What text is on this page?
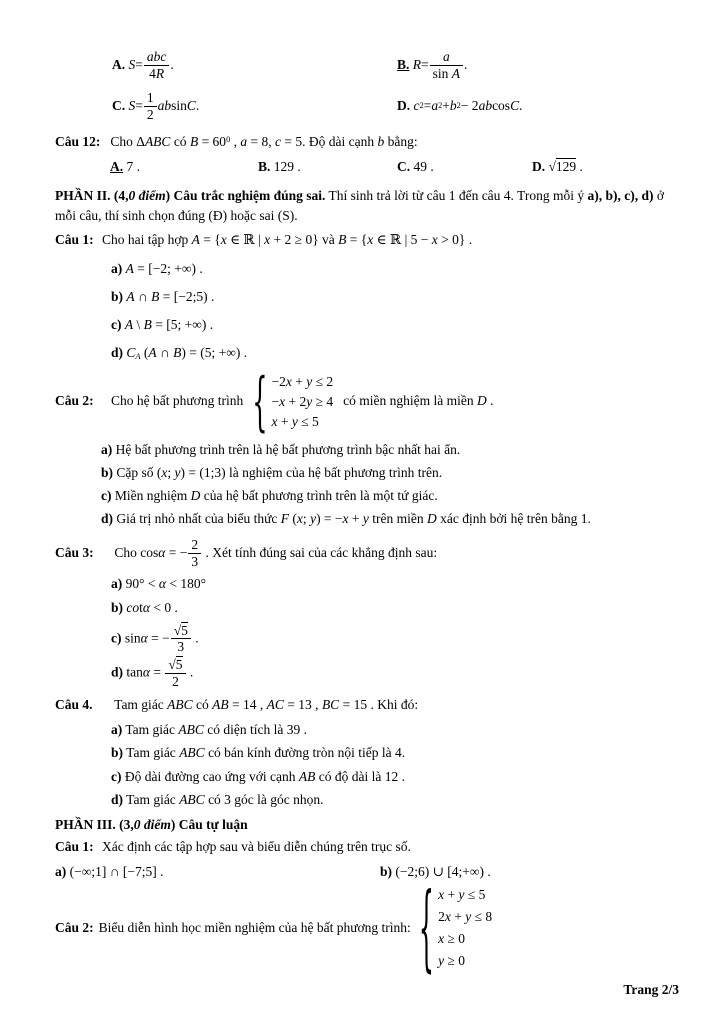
A.
S =
abc
4R
.	B.
R =
a
sin A
.
C.
S =
1
2
ab sin C .	D.
c 2 = a 2 + b 2 − 2 ab cos C .
Câu 12: Cho ΔABC có $B = 60^0$ , a = 8, c = 5. Độ dài cạnh b bằng:
A. 7 .	B. 129 .	C. 49 .	D. √129 .

PHẦN II. (4,0 điểm) Câu trắc nghiệm đúng sai. Thí sinh trả lời từ câu 1 đến câu 4. Trong mỗi ý a), b), c), d) ở mỗi câu, thí sinh chọn đúng (Đ) hoặc sai (S).

Câu 1: Cho hai tập hợp A = {x ∈ ℝ | x + 2 ≥ 0} và B = {x ∈ ℝ | 5 − x > 0} .
a) A = [−2; +∞) .
b) A ∩ B = [−2;5) .
c) A \ B = [5; +∞) .
d) $C_A$ (A ∩ B) = (5; +∞) .
Câu 2:	Cho hệ bất phương trình { −2x + y ≤ 2
−x + 2y ≥ 4
x + y ≤ 5
có miền nghiệm là miền D .
a) Hệ bất phương trình trên là hệ bất phương trình bậc nhất hai ẩn.
b) Cặp số (x; y) = (1;3) là nghiệm của hệ bất phương trình trên.
c) Miền nghiệm D của hệ bất phương trình trên là một tứ giác.
d) Giá trị nhỏ nhất của biểu thức F (x; y) = −x + y trên miền D xác định bởi hệ trên bằng 1.
Câu 3: Cho cosα = − $\frac{2}{3}$ . Xét tính đúng sai của các khẳng định sau:
a) 90° < α < 180°
b) cotα < 0 .
c) sinα = − $\frac{√5}{3}$ .
d) $\tan\alpha = \frac{√5}{2}$ .
Câu 4. Tam giác ABC có AB = 14 , AC = 13 , BC = 15 . Khi đó:
a) Tam giác ABC có diện tích là 39 .
b) Tam giác ABC có bán kính đường tròn nội tiếp là 4.
c) Độ dài đường cao ứng với cạnh AB có độ dài là 12 .
d) Tam giác ABC có 3 góc là góc nhọn.

PHẦN III. (3,0 điểm) Câu tự luận

Câu 1: Xác định các tập hợp sau và biểu diễn chúng trên trục số.
a) (−∞;1] ∩ [−7;5] .	b) (−2;6) ∪ [4;+∞) .
Câu 2: Biểu diễn hình học miền nghiệm của hệ bất phương trình: { x + y ≤ 5
2x + y ≤ 8
x ≥ 0
y ≥ 0
Trang 2/3
